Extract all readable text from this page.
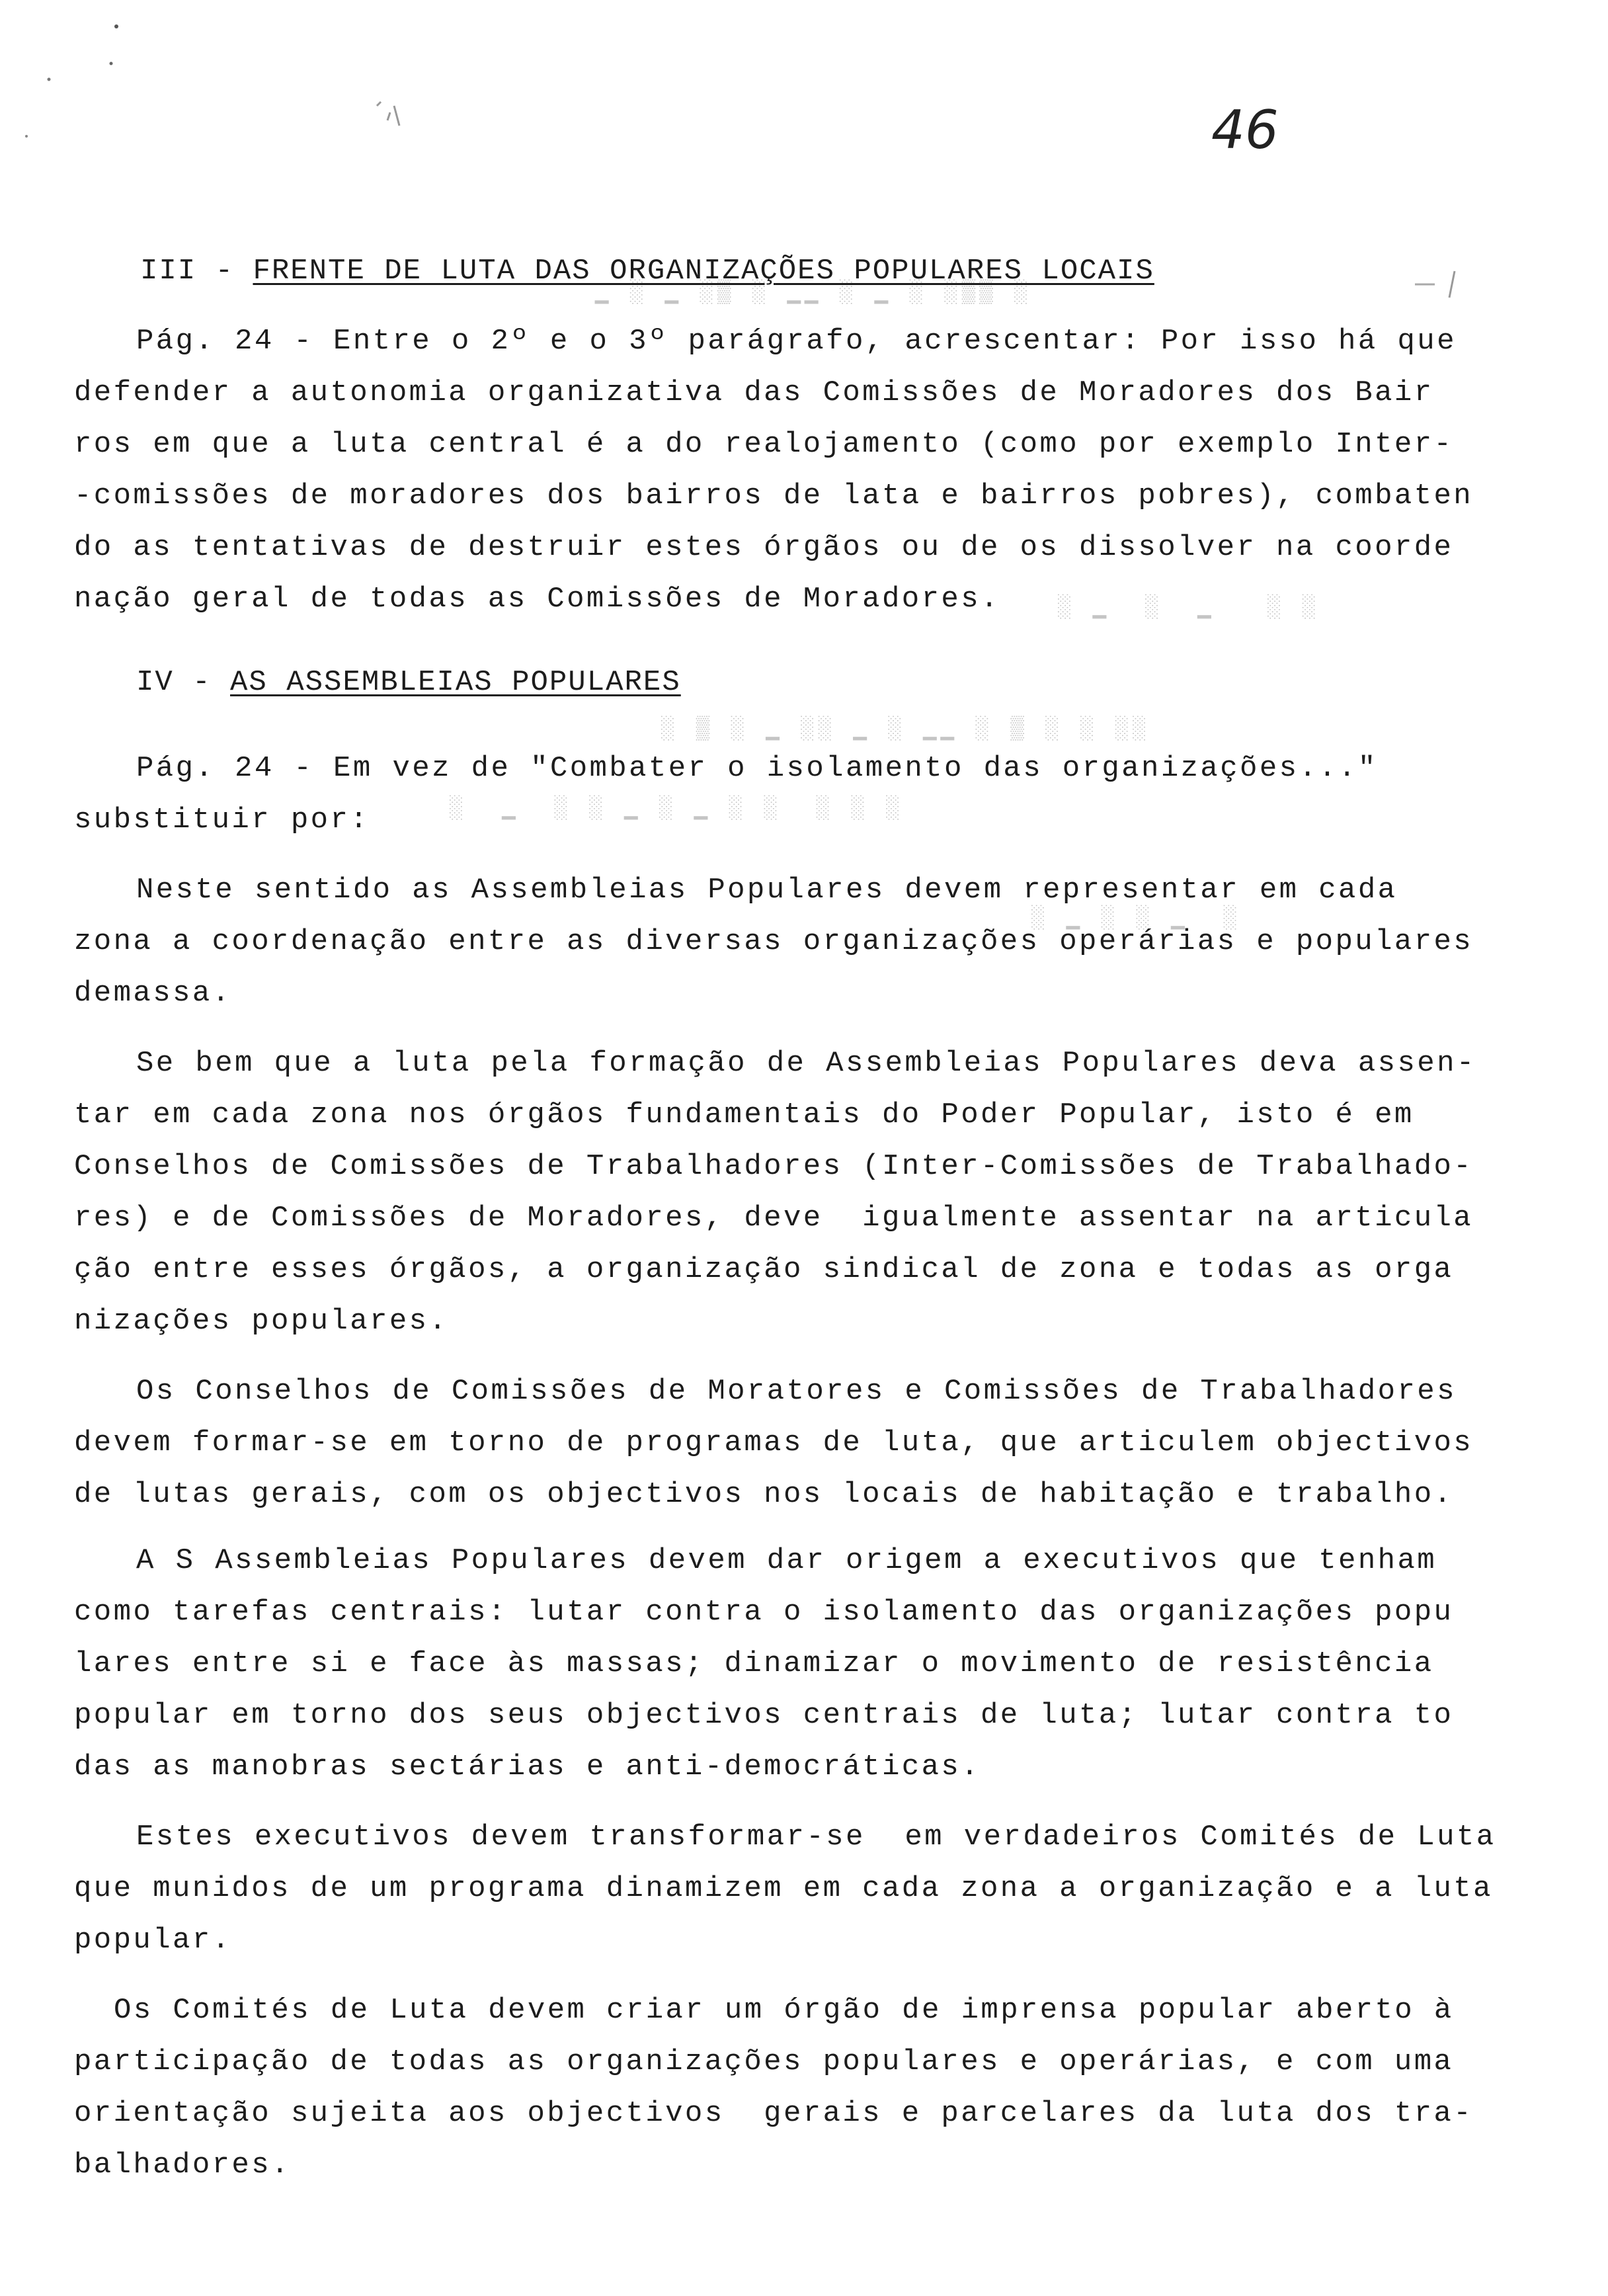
▁ ░ ▁ ░▒ ░ ▁▁ ░ ▁ ░ ░▒▒ ░
░ ▁  ░  ▁   ░ ░
░ ▒ ░ ▁ ░░ ▁ ░ ▁▁ ░ ▒ ░ ░ ░░
░  ▁  ░ ░ ▁ ░ ▁ ░ ░  ░ ░ ░
░ ▁ ░ ░ ▁  ░
46
III - FRENTE DE LUTA DAS ORGANIZAÇÕES POPULARES LOCAIS
Pág. 24 - Entre o 2º e o 3º parágrafo, acrescentar: Por isso há que
defender a autonomia organizativa das Comissões de Moradores dos Bair
ros em que a luta central é a do realojamento (como por exemplo Inter-
-comissões de moradores dos bairros de lata e bairros pobres), combaten
do as tentativas de destruir estes órgãos ou de os dissolver na coorde
nação geral de todas as Comissões de Moradores.
IV - AS ASSEMBLEIAS POPULARES
Pág. 24 - Em vez de "Combater o isolamento das organizações..."
substituir por:
Neste sentido as Assembleias Populares devem representar em cada
zona a coordenação entre as diversas organizações operárias e populares
demassa.
Se bem que a luta pela formação de Assembleias Populares deva assen-
tar em cada zona nos órgãos fundamentais do Poder Popular, isto é em
Conselhos de Comissões de Trabalhadores (Inter-Comissões de Trabalhado-
res) e de Comissões de Moradores, deve  igualmente assentar na articula
ção entre esses órgãos, a organização sindical de zona e todas as orga
nizações populares.
Os Conselhos de Comissões de Moratores e Comissões de Trabalhadores
devem formar-se em torno de programas de luta, que articulem objectivos
de lutas gerais, com os objectivos nos locais de habitação e trabalho.
A S Assembleias Populares devem dar origem a executivos que tenham
como tarefas centrais: lutar contra o isolamento das organizações popu
lares entre si e face às massas; dinamizar o movimento de resistência
popular em torno dos seus objectivos centrais de luta; lutar contra to
das as manobras sectárias e anti-democráticas.
Estes executivos devem transformar-se  em verdadeiros Comités de Luta
que munidos de um programa dinamizem em cada zona a organização e a luta
popular.
Os Comités de Luta devem criar um órgão de imprensa popular aberto à
participação de todas as organizações populares e operárias, e com uma
orientação sujeita aos objectivos  gerais e parcelares da luta dos tra-
balhadores.
